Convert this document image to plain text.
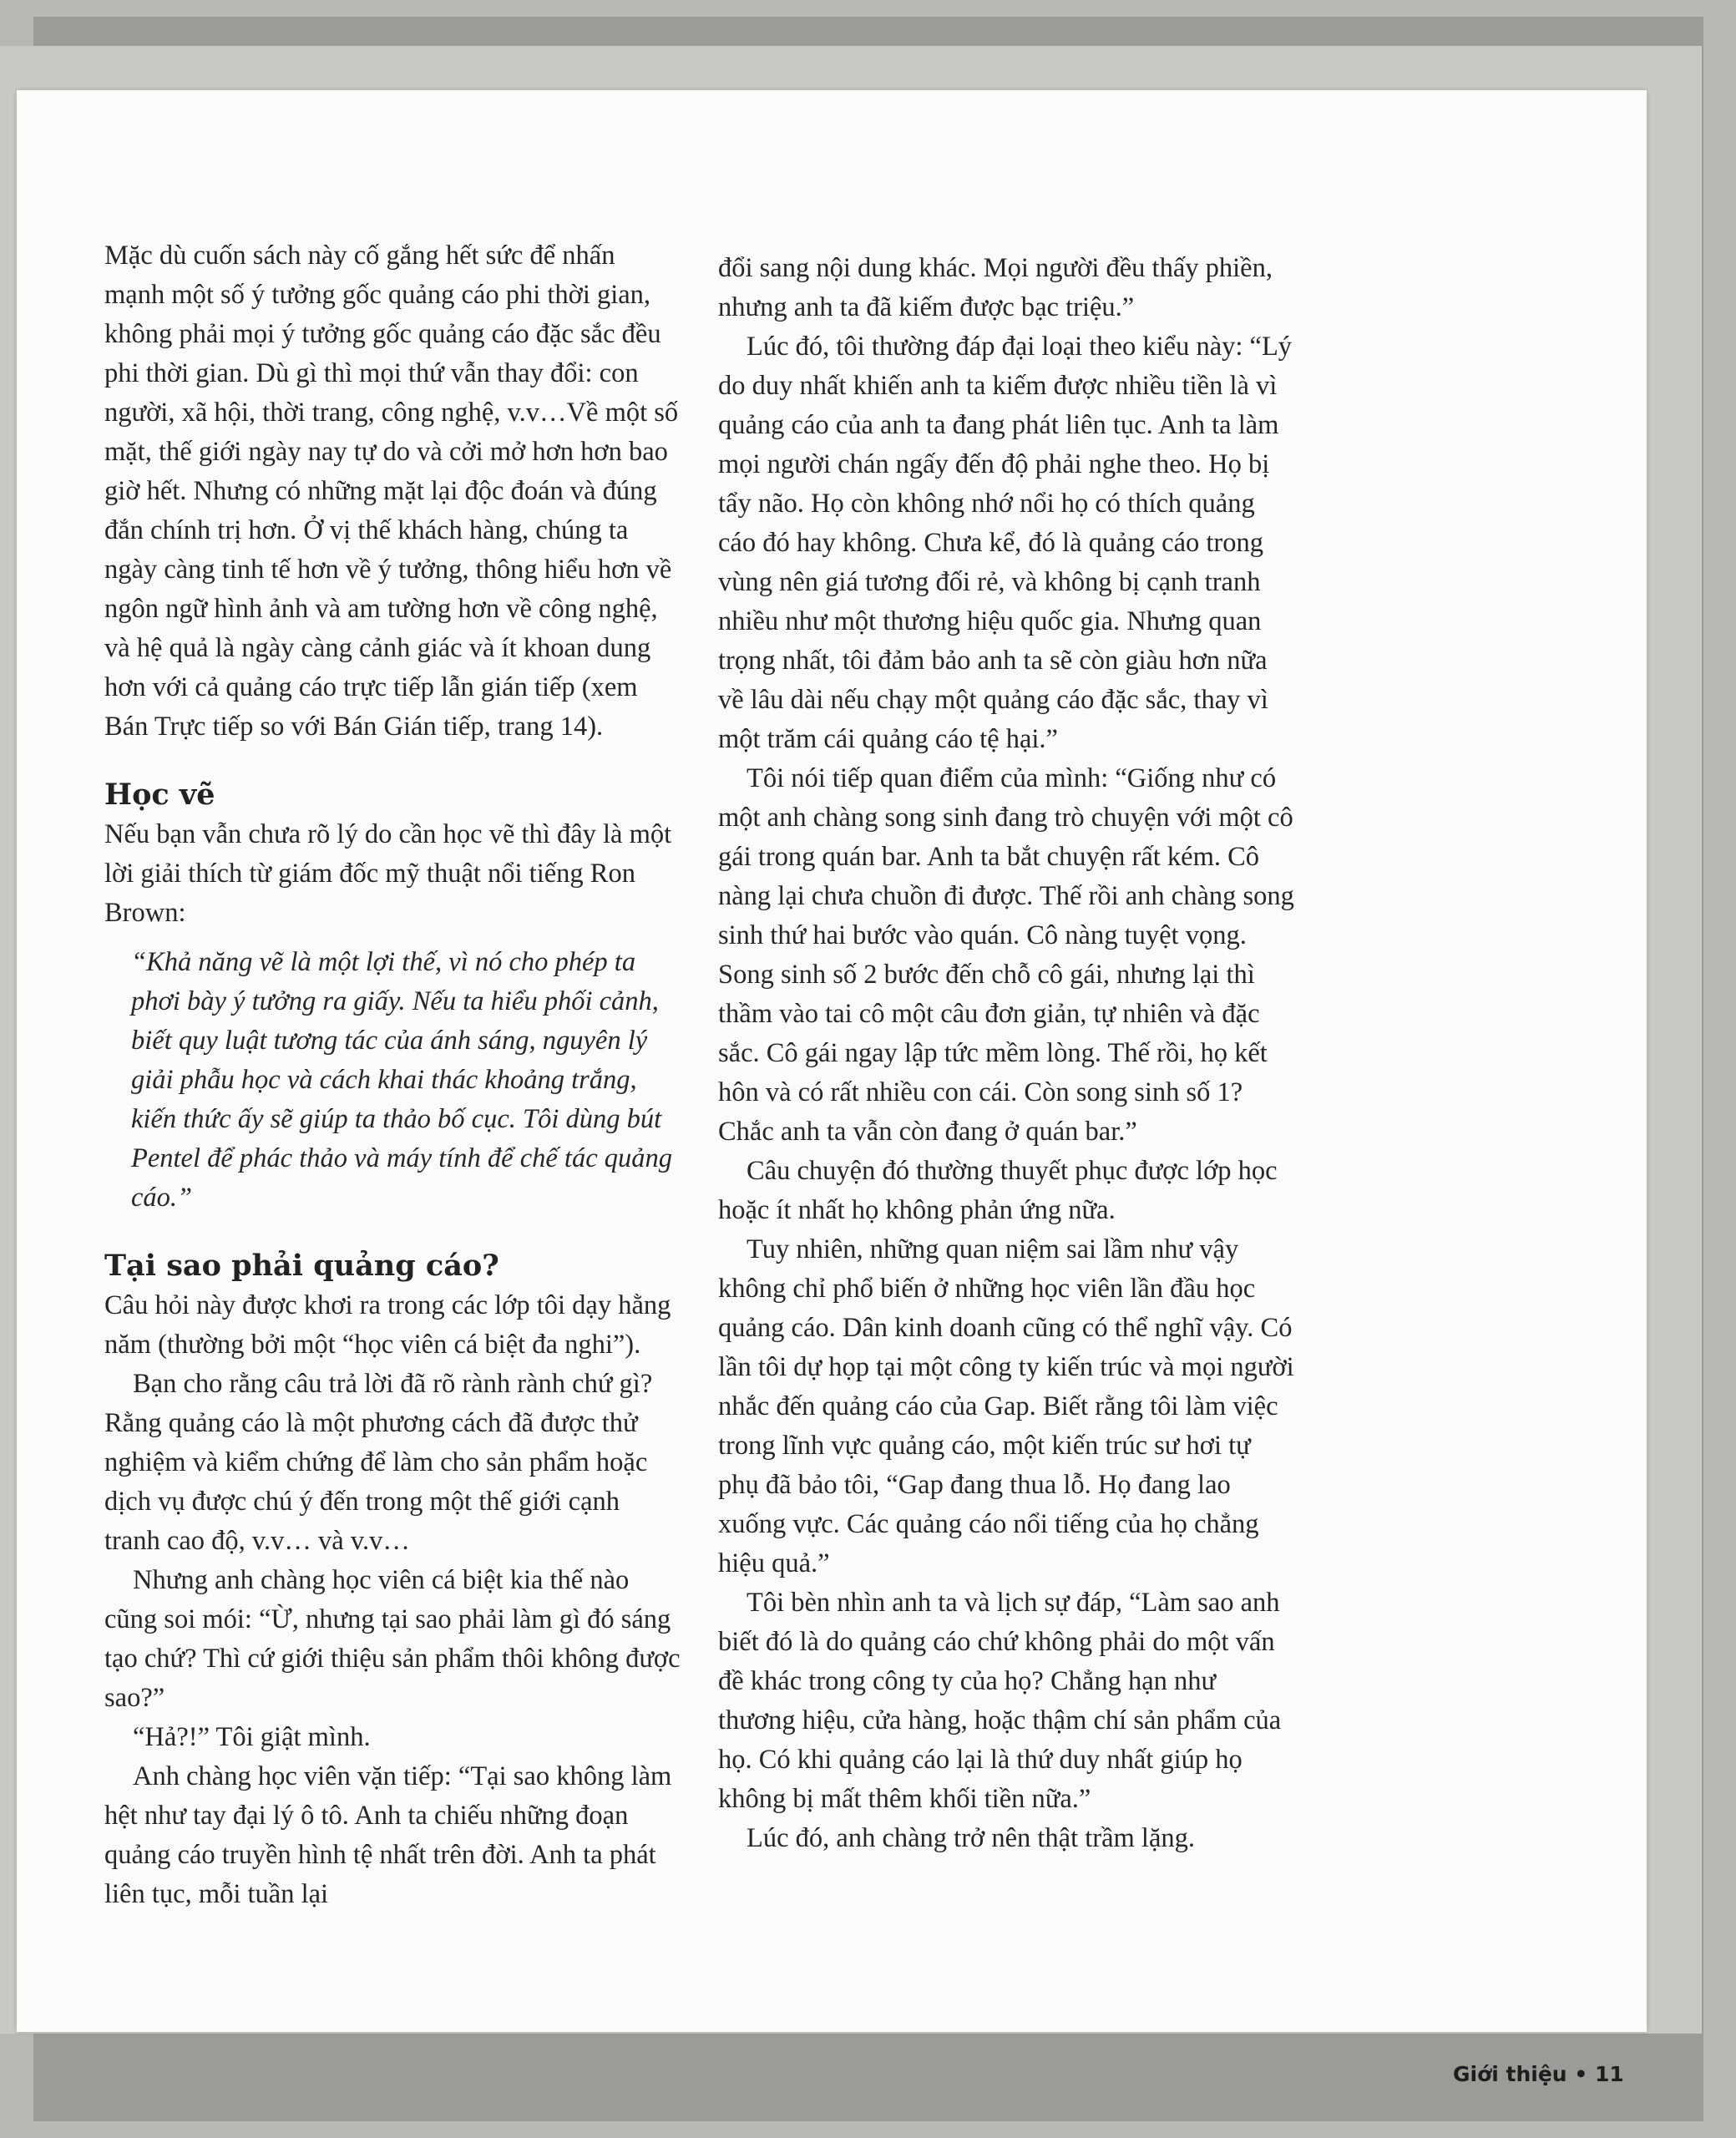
Mặc dù cuốn sách này cố gắng hết sức để nhấn mạnh một số ý tưởng gốc quảng cáo phi thời gian, không phải mọi ý tưởng gốc quảng cáo đặc sắc đều phi thời gian. Dù gì thì mọi thứ vẫn thay đổi: con người, xã hội, thời trang, công nghệ, v.v…Về một số mặt, thế giới ngày nay tự do và cởi mở hơn hơn bao giờ hết. Nhưng có những mặt lại độc đoán và đúng đắn chính trị hơn. Ở vị thế khách hàng, chúng ta ngày càng tinh tế hơn về ý tưởng, thông hiểu hơn về ngôn ngữ hình ảnh và am tường hơn về công nghệ, và hệ quả là ngày càng cảnh giác và ít khoan dung hơn với cả quảng cáo trực tiếp lẫn gián tiếp (xem Bán Trực tiếp so với Bán Gián tiếp, trang 14).

Học vẽ

Nếu bạn vẫn chưa rõ lý do cần học vẽ thì đây là một lời giải thích từ giám đốc mỹ thuật nổi tiếng Ron Brown:

“Khả năng vẽ là một lợi thế, vì nó cho phép ta phơi bày ý tưởng ra giấy. Nếu ta hiểu phối cảnh, biết quy luật tương tác của ánh sáng, nguyên lý giải phẫu học và cách khai thác khoảng trắng, kiến thức ấy sẽ giúp ta thảo bố cục. Tôi dùng bút Pentel để phác thảo và máy tính để chế tác quảng cáo.”
Tại sao phải quảng cáo?

Câu hỏi này được khơi ra trong các lớp tôi dạy hằng năm (thường bởi một “học viên cá biệt đa nghi”).

Bạn cho rằng câu trả lời đã rõ rành rành chứ gì? Rằng quảng cáo là một phương cách đã được thử nghiệm và kiểm chứng để làm cho sản phẩm hoặc dịch vụ được chú ý đến trong một thế giới cạnh tranh cao độ, v.v… và v.v…

Nhưng anh chàng học viên cá biệt kia thế nào cũng soi mói: “Ừ, nhưng tại sao phải làm gì đó sáng tạo chứ? Thì cứ giới thiệu sản phẩm thôi không được sao?”

“Hả?!” Tôi giật mình.

Anh chàng học viên vặn tiếp: “Tại sao không làm hệt như tay đại lý ô tô. Anh ta chiếu những đoạn quảng cáo truyền hình tệ nhất trên đời. Anh ta phát liên tục, mỗi tuần lại

đổi sang nội dung khác. Mọi người đều thấy phiền, nhưng anh ta đã kiếm được bạc triệu.”

Lúc đó, tôi thường đáp đại loại theo kiểu này: “Lý do duy nhất khiến anh ta kiếm được nhiều tiền là vì quảng cáo của anh ta đang phát liên tục. Anh ta làm mọi người chán ngấy đến độ phải nghe theo. Họ bị tẩy não. Họ còn không nhớ nổi họ có thích quảng cáo đó hay không. Chưa kể, đó là quảng cáo trong vùng nên giá tương đối rẻ, và không bị cạnh tranh nhiều như một thương hiệu quốc gia. Nhưng quan trọng nhất, tôi đảm bảo anh ta sẽ còn giàu hơn nữa về lâu dài nếu chạy một quảng cáo đặc sắc, thay vì một trăm cái quảng cáo tệ hại.”

Tôi nói tiếp quan điểm của mình: “Giống như có một anh chàng song sinh đang trò chuyện với một cô gái trong quán bar. Anh ta bắt chuyện rất kém. Cô nàng lại chưa chuồn đi được. Thế rồi anh chàng song sinh thứ hai bước vào quán. Cô nàng tuyệt vọng. Song sinh số 2 bước đến chỗ cô gái, nhưng lại thì thầm vào tai cô một câu đơn giản, tự nhiên và đặc sắc. Cô gái ngay lập tức mềm lòng. Thế rồi, họ kết hôn và có rất nhiều con cái. Còn song sinh số 1? Chắc anh ta vẫn còn đang ở quán bar.”

Câu chuyện đó thường thuyết phục được lớp học hoặc ít nhất họ không phản ứng nữa.

Tuy nhiên, những quan niệm sai lầm như vậy không chỉ phổ biến ở những học viên lần đầu học quảng cáo. Dân kinh doanh cũng có thể nghĩ vậy. Có lần tôi dự họp tại một công ty kiến trúc và mọi người nhắc đến quảng cáo của Gap. Biết rằng tôi làm việc trong lĩnh vực quảng cáo, một kiến trúc sư hơi tự phụ đã bảo tôi, “Gap đang thua lỗ. Họ đang lao xuống vực. Các quảng cáo nổi tiếng của họ chẳng hiệu quả.”

Tôi bèn nhìn anh ta và lịch sự đáp, “Làm sao anh biết đó là do quảng cáo chứ không phải do một vấn đề khác trong công ty của họ? Chẳng hạn như thương hiệu, cửa hàng, hoặc thậm chí sản phẩm của họ. Có khi quảng cáo lại là thứ duy nhất giúp họ không bị mất thêm khối tiền nữa.”

Lúc đó, anh chàng trở nên thật trầm lặng.

Giới thiệu • 11
